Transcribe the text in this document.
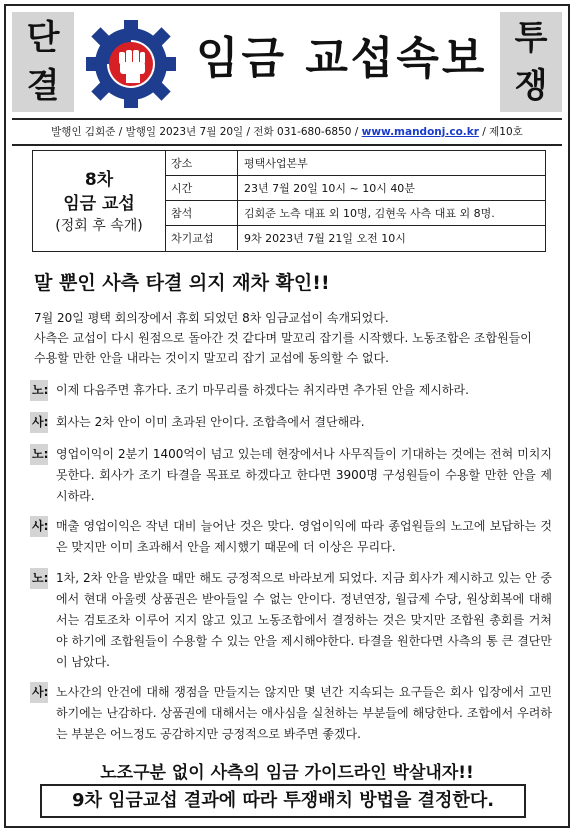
단
결
임금 교섭속보 투
쟁
발행인 김회준 / 발행일 2023년 7월 20일 / 전화 031-680-6850 / www.mandonj.co.kr / 제10호
8차
임금 교섭
(정회 후 속개)
장소	평택사업본부
시간	23년 7월 20일 10시 ~ 10시 40분
참석	김회준 노측 대표 외 10명, 김현욱 사측 대표 외 8명.
차기교섭	9차 2023년 7월 21일 오전 10시
말 뿐인 사측 타결 의지 재차 확인!!

7월 20일 평택 회의장에서 휴회 되었던 8차 임금교섭이 속개되었다.

사측은 교섭이 다시 원점으로 돌아간 것 같다며 말꼬리 잡기를 시작했다. 노동조합은 조합원들이 수용할 만한 안을 내라는 것이지 말꼬리 잡기 교섭에 동의할 수 없다.

노: 이제 다음주면 휴가다. 조기 마무리를 하겠다는 취지라면 추가된 안을 제시하라.

사: 회사는 2차 안이 이미 초과된 안이다. 조합측에서 결단해라.

노: 영업이익이 2분기 1400억이 넘고 있는데 현장에서나 사무직들이 기대하는 것에는 전혀 미치지 못한다. 회사가 조기 타결을 목표로 하겠다고 한다면 3900명 구성원들이 수용할 만한 안을 제시하라.

사: 매출 영업이익은 작년 대비 늘어난 것은 맞다. 영업이익에 따라 종업원들의 노고에 보답하는 것은 맞지만 이미 초과해서 안을 제시했기 때문에 더 이상은 무리다.

노: 1차, 2차 안을 받았을 때만 해도 긍정적으로 바라보게 되었다. 지금 회사가 제시하고 있는 안 중에서 현대 아울렛 상품권은 받아들일 수 없는 안이다. 정년연장, 월급제 수당, 원상회복에 대해서는 검토조차 이루어 지지 않고 있고 노동조합에서 결정하는 것은 맞지만 조합원 총회를 거쳐야 하기에 조합원들이 수용할 수 있는 안을 제시해야한다. 타결을 원한다면 사측의 통 큰 결단만이 남았다.

사: 노사간의 안건에 대해 쟁점을 만들지는 않지만 몇 년간 지속되는 요구들은 회사 입장에서 고민하기에는 난감하다. 상품권에 대해서는 애사심을 실천하는 부분들에 해당한다. 조합에서 우려하는 부분은 어느정도 공감하지만 긍정적으로 봐주면 좋겠다.

노조구분 없이 사측의 임금 가이드라인 박살내자!!
9차 임금교섭 결과에 따라 투쟁배치 방법을 결정한다.
